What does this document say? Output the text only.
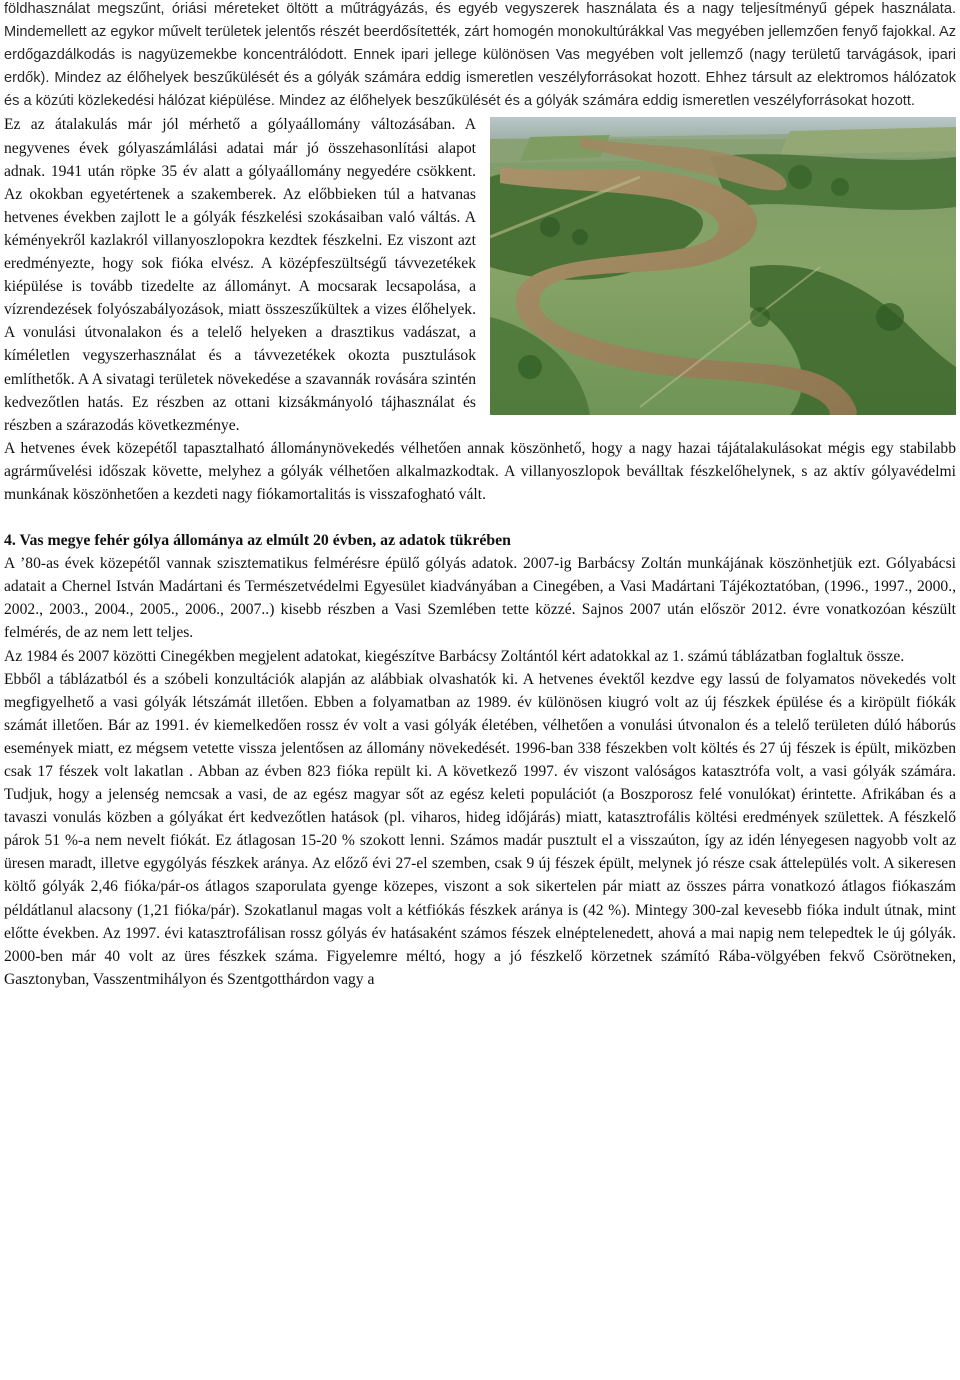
földhasználat megszűnt, óriási méreteket öltött a műtrágyázás, és egyéb vegyszerek használata és a nagy teljesítményű gépek használata. Mindemellett az egykor művelt területek jelentős részét beerdősítették, zárt homogén monokultúrákkal Vas megyében jellemzően fenyő fajokkal. Az erdőgazdálkodás is nagyüzemekbe koncentrálódott. Ennek ipari jellege különösen Vas megyében volt jellemző (nagy területű tarvágások, ipari erdők). Mindez az élőhelyek beszűkülését és a gólyák számára eddig ismeretlen veszélyforrásokat hozott. Ehhez társult az elektromos hálózatok és a közúti közlekedési hálózat kiépülése. Mindez az élőhelyek beszűkülését és a gólyák számára eddig ismeretlen veszélyforrásokat hozott.

Ez az átalakulás már jól mérhető a gólyaállomány változásában. A negyvenes évek gólyaszámlálási adatai már jó összehasonlítási alapot adnak. 1941 után röpke 35 év alatt a gólyaállomány negyedére csökkent. Az okokban egyetértenek a szakemberek. Az előbbieken túl a hatvanas hetvenes években zajlott le a gólyák fészkelési szokásaiban való váltás. A kéményekről kazlakról villanyoszlopokra kezdtek fészkelni. Ez viszont azt eredményezte, hogy sok fióka elvész. A középfeszültségű távvezetékek kiépülése is tovább tizedelte az állományt. A mocsarak lecsapolása, a vízrendezések folyószabályozások, miatt összeszűkültek a vizes élőhelyek. A vonulási útvonalakon és a telelő helyeken a drasztikus vadászat, a kíméletlen vegyszerhasználat és a távvezetékek okozta pusztulások említhetők. A A sivatagi területek növekedése a szavannák rovására szintén kedvezőtlen hatás. Ez részben az ottani kizsákmányoló tájhasználat és részben a szárazodás következménye.

A hetvenes évek közepétől tapasztalható állománynövekedés vélhetően annak köszönhető, hogy a nagy hazai tájátalakulásokat mégis egy stabilabb agrárművelési időszak követte, melyhez a gólyák vélhetően alkalmazkodtak. A villanyoszlopok beválltak fészkelőhelynek, s az aktív gólyavédelmi munkának köszönhetően a kezdeti nagy fiókamortalitás is visszafogható vált.

4. Vas megye fehér gólya állománya az elmúlt 20 évben, az adatok tükrében

A ’80-as évek közepétől vannak szisztematikus felmérésre épülő gólyás adatok. 2007-ig Barbácsy Zoltán munkájának köszönhetjük ezt. Gólyabácsi adatait a Chernel István Madártani és Természetvédelmi Egyesület kiadványában a Cinegében, a Vasi Madártani Tájékoztatóban, (1996., 1997., 2000., 2002., 2003., 2004., 2005., 2006., 2007..) kisebb részben a Vasi Szemlében tette közzé. Sajnos 2007 után először 2012. évre vonatkozóan készült felmérés, de az nem lett teljes.

Az 1984 és 2007 közötti Cinegékben megjelent adatokat, kiegészítve Barbácsy Zoltántól kért adatokkal az 1. számú táblázatban foglaltuk össze.

Ebből a táblázatból és a szóbeli konzultációk alapján az alábbiak olvashatók ki. A hetvenes évektől kezdve egy lassú de folyamatos növekedés volt megfigyelhető a vasi gólyák létszámát illetően. Ebben a folyamatban az 1989. év különösen kiugró volt az új fészkek épülése és a kiröpült fiókák számát illetően. Bár az 1991. év kiemelkedően rossz év volt a vasi gólyák életében, vélhetően a vonulási útvonalon és a telelő területen dúló háborús események miatt, ez mégsem vetette vissza jelentősen az állomány növekedését. 1996-ban 338 fészekben volt költés és 27 új fészek is épült, miközben csak 17 fészek volt lakatlan . Abban az évben 823 fióka repült ki. A következő 1997. év viszont valóságos katasztrófa volt, a vasi gólyák számára. Tudjuk, hogy a jelenség nemcsak a vasi, de az egész magyar sőt az egész keleti populációt (a Boszporosz felé vonulókat) érintette. Afrikában és a tavaszi vonulás közben a gólyákat ért kedvezőtlen hatások (pl. viharos, hideg időjárás) miatt, katasztrofális költési eredmények születtek. A fészkelő párok 51 %-a nem nevelt fiókát. Ez átlagosan 15-20 % szokott lenni. Számos madár pusztult el a visszaúton, így az idén lényegesen nagyobb volt az üresen maradt, illetve egygólyás fészkek aránya. Az előző évi 27-el szemben, csak 9 új fészek épült, melynek jó része csak áttelepülés volt. A sikeresen költő gólyák 2,46 fióka/pár-os átlagos szaporulata gyenge közepes, viszont a sok sikertelen pár miatt az összes párra vonatkozó átlagos fiókaszám példátlanul alacsony (1,21 fióka/pár). Szokatlanul magas volt a kétfiókás fészkek aránya is (42 %). Mintegy 300-zal kevesebb fióka indult útnak, mint előtte években. Az 1997. évi katasztrofálisan rossz gólyás év hatásaként számos fészek elnéptelenedett, ahová a mai napig nem telepedtek le új gólyák. 2000-ben már 40 volt az üres fészkek száma. Figyelemre méltó, hogy a jó fészkelő körzetnek számító Rába-völgyében fekvő Csörötneken, Gasztonyban, Vasszentmihályon és Szentgotthárdon vagy a
